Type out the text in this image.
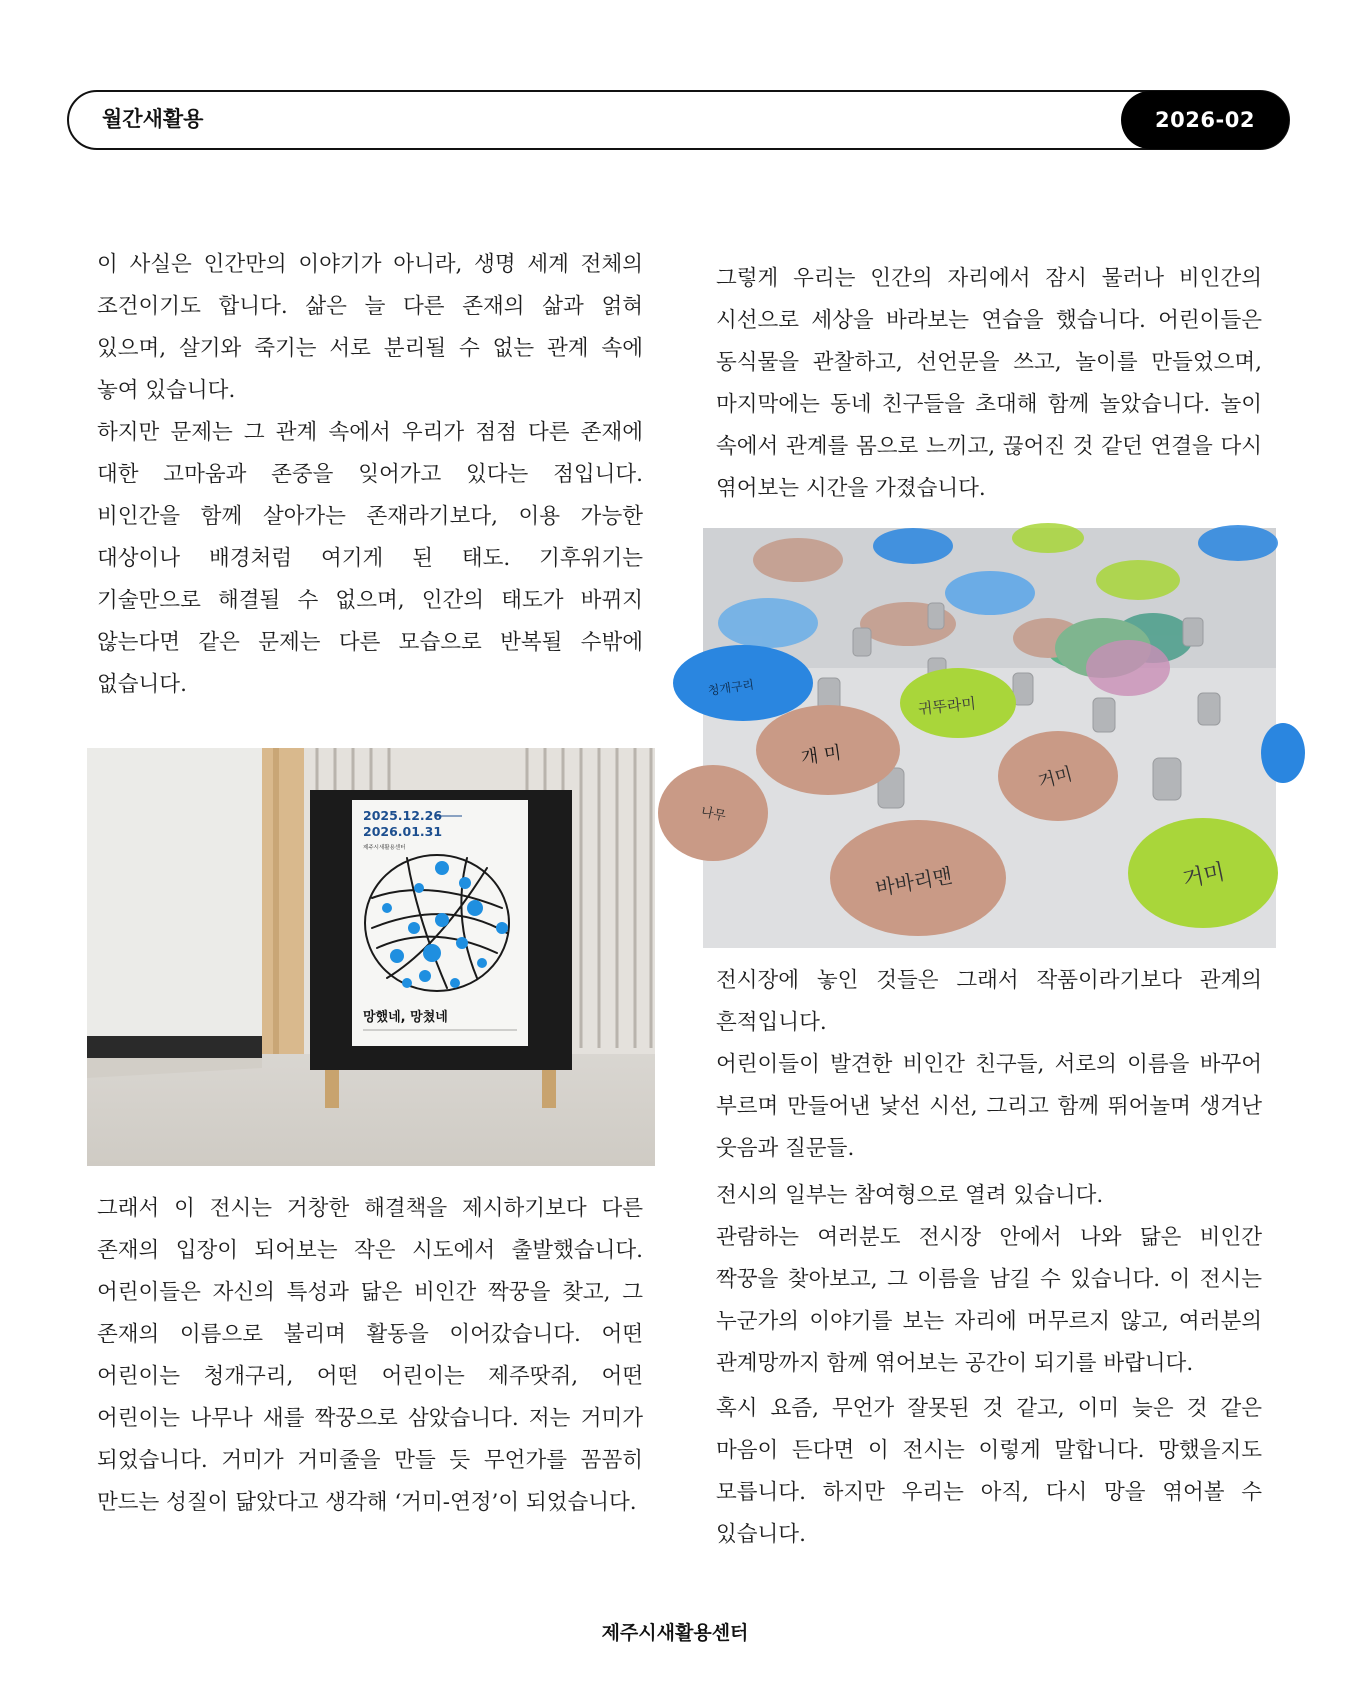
월간새활용	2026-02

이 사실은 인간만의 이야기가 아니라, 생명 세계 전체의 조건이기도 합니다. 삶은 늘 다른 존재의 삶과 얽혀 있으며, 살기와 죽기는 서로 분리될 수 없는 관계 속에 놓여 있습니다.

하지만 문제는 그 관계 속에서 우리가 점점 다른 존재에 대한 고마움과 존중을 잊어가고 있다는 점입니다. 비인간을 함께 살아가는 존재라기보다, 이용 가능한 대상이나 배경처럼 여기게 된 태도. 기후위기는 기술만으로 해결될 수 없으며, 인간의 태도가 바뀌지 않는다면 같은 문제는 다른 모습으로 반복될 수밖에 없습니다.

2025.12.26
2026.01.31
제주시새활용센터
망했네, 망쳤네

그래서 이 전시는 거창한 해결책을 제시하기보다 다른 존재의 입장이 되어보는 작은 시도에서 출발했습니다. 어린이들은 자신의 특성과 닮은 비인간 짝꿍을 찾고, 그 존재의 이름으로 불리며 활동을 이어갔습니다. 어떤 어린이는 청개구리, 어떤 어린이는 제주땃쥐, 어떤 어린이는 나무나 새를 짝꿍으로 삼았습니다. 저는 거미가 되었습니다. 거미가 거미줄을 만들 듯 무언가를 꼼꼼히 만드는 성질이 닮았다고 생각해 ‘거미-연정’이 되었습니다.

그렇게 우리는 인간의 자리에서 잠시 물러나 비인간의 시선으로 세상을 바라보는 연습을 했습니다. 어린이들은 동식물을 관찰하고, 선언문을 쓰고, 놀이를 만들었으며, 마지막에는 동네 친구들을 초대해 함께 놀았습니다. 놀이 속에서 관계를 몸으로 느끼고, 끊어진 것 같던 연결을 다시 엮어보는 시간을 가졌습니다.

청개구리
귀뚜라미
개 미
거미
나무
바바리맨	거미

전시장에 놓인 것들은 그래서 작품이라기보다 관계의 흔적입니다.

어린이들이 발견한 비인간 친구들, 서로의 이름을 바꾸어 부르며 만들어낸 낯선 시선, 그리고 함께 뛰어놀며 생겨난 웃음과 질문들.

전시의 일부는 참여형으로 열려 있습니다.

관람하는 여러분도 전시장 안에서 나와 닮은 비인간 짝꿍을 찾아보고, 그 이름을 남길 수 있습니다. 이 전시는 누군가의 이야기를 보는 자리에 머무르지 않고, 여러분의 관계망까지 함께 엮어보는 공간이 되기를 바랍니다.

혹시 요즘, 무언가 잘못된 것 같고, 이미 늦은 것 같은 마음이 든다면 이 전시는 이렇게 말합니다. 망했을지도 모릅니다. 하지만 우리는 아직, 다시 망을 엮어볼 수 있습니다.

제주시새활용센터
